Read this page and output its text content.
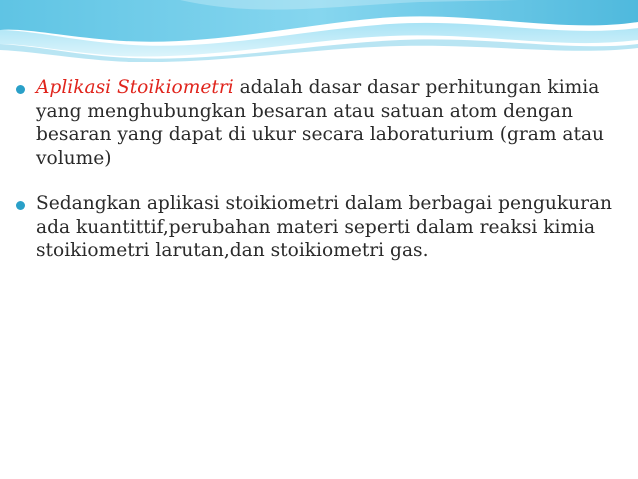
Aplikasi Stoikiometri adalah dasar dasar perhitungan kimia yang menghubungkan besaran atau satuan atom dengan besaran yang dapat di ukur secara laboraturium (gram atau volume)
Sedangkan aplikasi stoikiometri dalam berbagai pengukuran ada kuantittif,perubahan materi seperti dalam reaksi kimia stoikiometri larutan,dan stoikiometri gas.
